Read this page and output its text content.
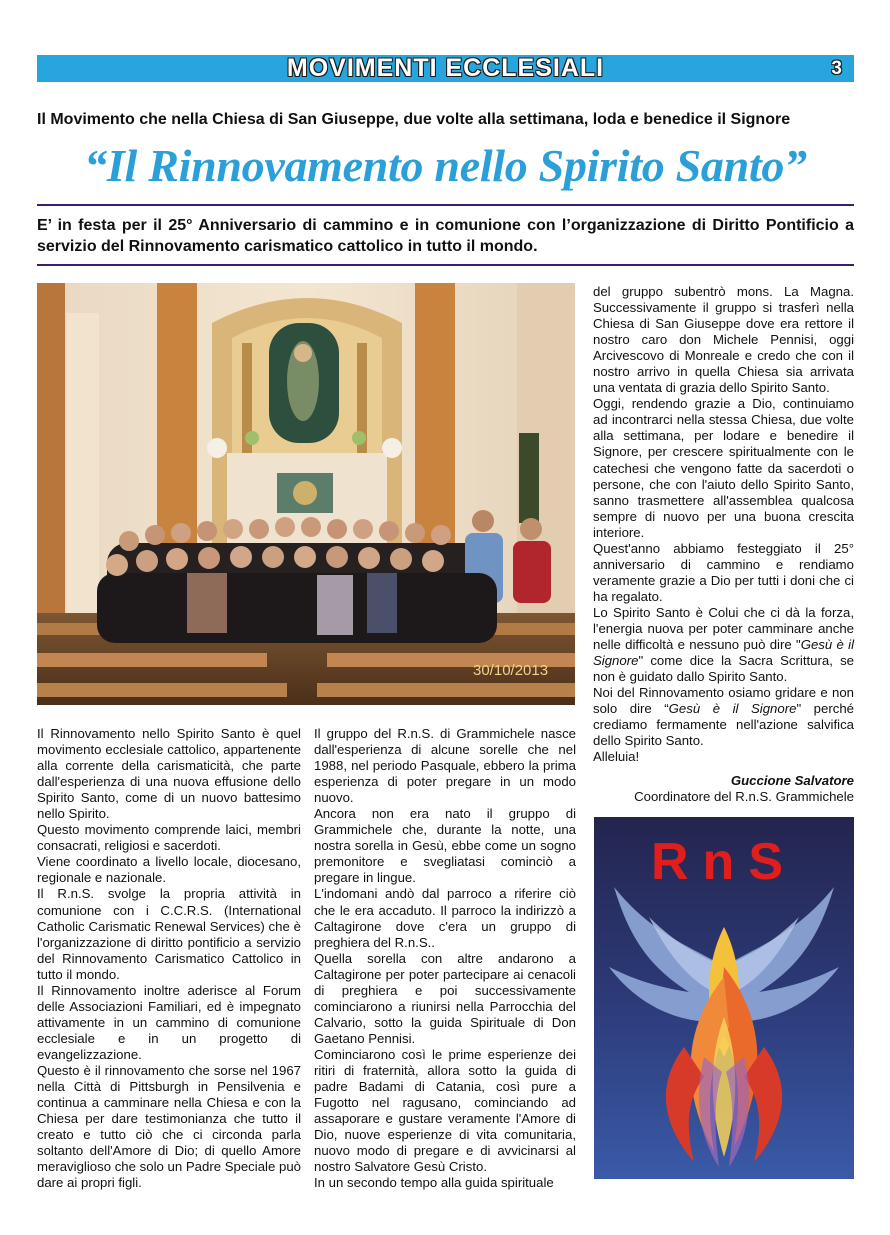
MOVIMENTI ECCLESIALI	3
Il Movimento che nella Chiesa di San Giuseppe, due volte alla settimana, loda e benedice il Signore
“Il Rinnovamento nello Spirito Santo”
E’ in festa per il 25° Anniversario di cammino e in comunione con l’organizzazione di Diritto Pontificio a servizio del Rinnovamento carismatico cattolico in tutto il mondo.
30/10/2013

Il Rinnovamento nello Spirito Santo è quel movimento ecclesiale cattolico, appartenente alla corrente della carismaticità, che parte dall'esperienza di una nuova effusione dello Spirito Santo, come di un nuovo battesimo nello Spirito.

Questo movimento comprende laici, membri consacrati, religiosi e sacerdoti.

Viene coordinato a livello locale, diocesano, regionale e nazionale.

Il R.n.S. svolge la propria attività in comunione con i C.C.R.S. (International Catholic Carismatic Renewal Services) che è l'organizzazione di diritto pontificio a servizio del Rinnovamento Carismatico Cattolico in tutto il mondo.

Il Rinnovamento inoltre aderisce al Forum delle Associazioni Familiari, ed è impegnato attivamente in un cammino di comunione ecclesiale e in un progetto di evangelizzazione.

Questo è il rinnovamento che sorse nel 1967 nella Città di Pittsburgh in Pensilvenia e continua a camminare nella Chiesa e con la Chiesa per dare testimonianza che tutto il creato e tutto ciò che ci circonda parla soltanto dell'Amore di Dio; di quello Amore meraviglioso che solo un Padre Speciale può dare ai propri figli.

Il gruppo del R.n.S. di Grammichele nasce dall'esperienza di alcune sorelle che nel 1988, nel periodo Pasquale, ebbero la prima esperienza di poter pregare in un modo nuovo.

Ancora non era nato il gruppo di Grammichele che, durante la notte, una nostra sorella in Gesù, ebbe come un sogno premonitore e svegliatasi cominciò a pregare in lingue.

L'indomani andò dal parroco a riferire ciò che le era accaduto. Il parroco la indirizzò a Caltagirone dove c'era un gruppo di preghiera del R.n.S..

Quella sorella con altre andarono a Caltagirone per poter partecipare ai cenacoli di preghiera e poi successivamente cominciarono a riunirsi nella Parrocchia del Calvario, sotto la guida Spirituale di Don Gaetano Pennisi.

Cominciarono così le prime esperienze dei ritiri di fraternità, allora sotto la guida di padre Badami di Catania, così pure a Fugotto nel ragusano, cominciando ad assaporare e gustare veramente l'Amore di Dio, nuove esperienze di vita comunitaria, nuovo modo di pregare e di avvicinarsi al nostro Salvatore Gesù Cristo.

In un secondo tempo alla guida spirituale

del gruppo subentrò mons. La Magna. Successivamente il gruppo si trasferì nella Chiesa di San Giuseppe dove era rettore il nostro caro don Michele Pennisi, oggi Arcivescovo di Monreale e credo che con il nostro arrivo in quella Chiesa sia arrivata una ventata di grazia dello Spirito Santo.

Oggi, rendendo grazie a Dio, continuiamo ad incontrarci nella stessa Chiesa, due volte alla settimana, per lodare e benedire il Signore, per crescere spiritualmente con le catechesi che vengono fatte da sacerdoti o persone, che con l'aiuto dello Spirito Santo, sanno trasmettere all'assemblea qualcosa sempre di nuovo per una buona crescita interiore.

Quest'anno abbiamo festeggiato il 25° anniversario di cammino e rendiamo veramente grazie a Dio per tutti i doni che ci ha regalato.

Lo Spirito Santo è Colui che ci dà la forza, l'energia nuova per poter camminare anche nelle difficoltà e nessuno può dire "Gesù è il Signore" come dice la Sacra Scrittura, se non è guidato dallo Spirito Santo.

Noi del Rinnovamento osiamo gridare e non solo dire “Gesù è il Signore" perché crediamo fermamente nell'azione salvifica dello Spirito Santo.

Alleluia!

Guccione Salvatore

Coordinatore del R.n.S. Grammichele

RnS
